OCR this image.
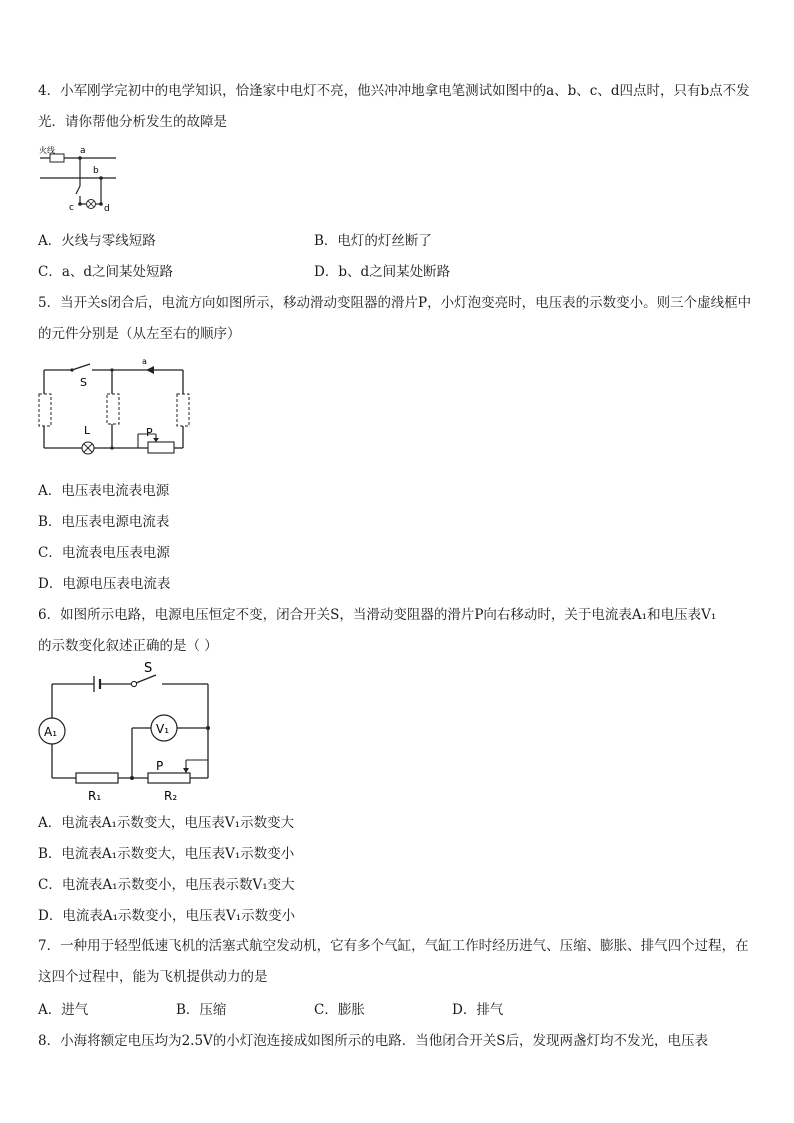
4．小军刚学完初中的电学知识，恰逢家中电灯不亮，他兴冲冲地拿电笔测试如图中的a、b、c、d四点时，只有b点不发光．请你帮他分析发生的故障是
火线	a
b
c	d
A．火线与零线短路	B．电灯的灯丝断了
C．a、d之间某处短路	D．b、d之间某处断路
5．当开关s闭合后，电流方向如图所示，移动滑动变阻器的滑片P，小灯泡变亮时，电压表的示数变小。则三个虚线框中的元件分别是（从左至右的顺序）
S
a
L	P
A．电压表电流表电源
B．电压表电源电流表
C．电流表电压表电源
D．电源电压表电流表
6．如图所示电路，电源电压恒定不变，闭合开关S，当滑动变阻器的滑片P向右移动时，关于电流表A₁和电压表V₁
的示数变化叙述正确的是（ ）
S
A₁
R₁	R₂
V₁
P
A．电流表A₁示数变大，电压表V₁示数变大
B．电流表A₁示数变大，电压表V₁示数变小
C．电流表A₁示数变小，电压表示数V₁变大
D．电流表A₁示数变小，电压表V₁示数变小
7．一种用于轻型低速飞机的活塞式航空发动机，它有多个气缸，气缸工作时经历进气、压缩、膨胀、排气四个过程，在这四个过程中，能为飞机提供动力的是
A．进气	B．压缩	C．膨胀	D．排气
8．小海将额定电压均为2.5V的小灯泡连接成如图所示的电路．当他闭合开关S后，发现两盏灯均不发光，电压表
